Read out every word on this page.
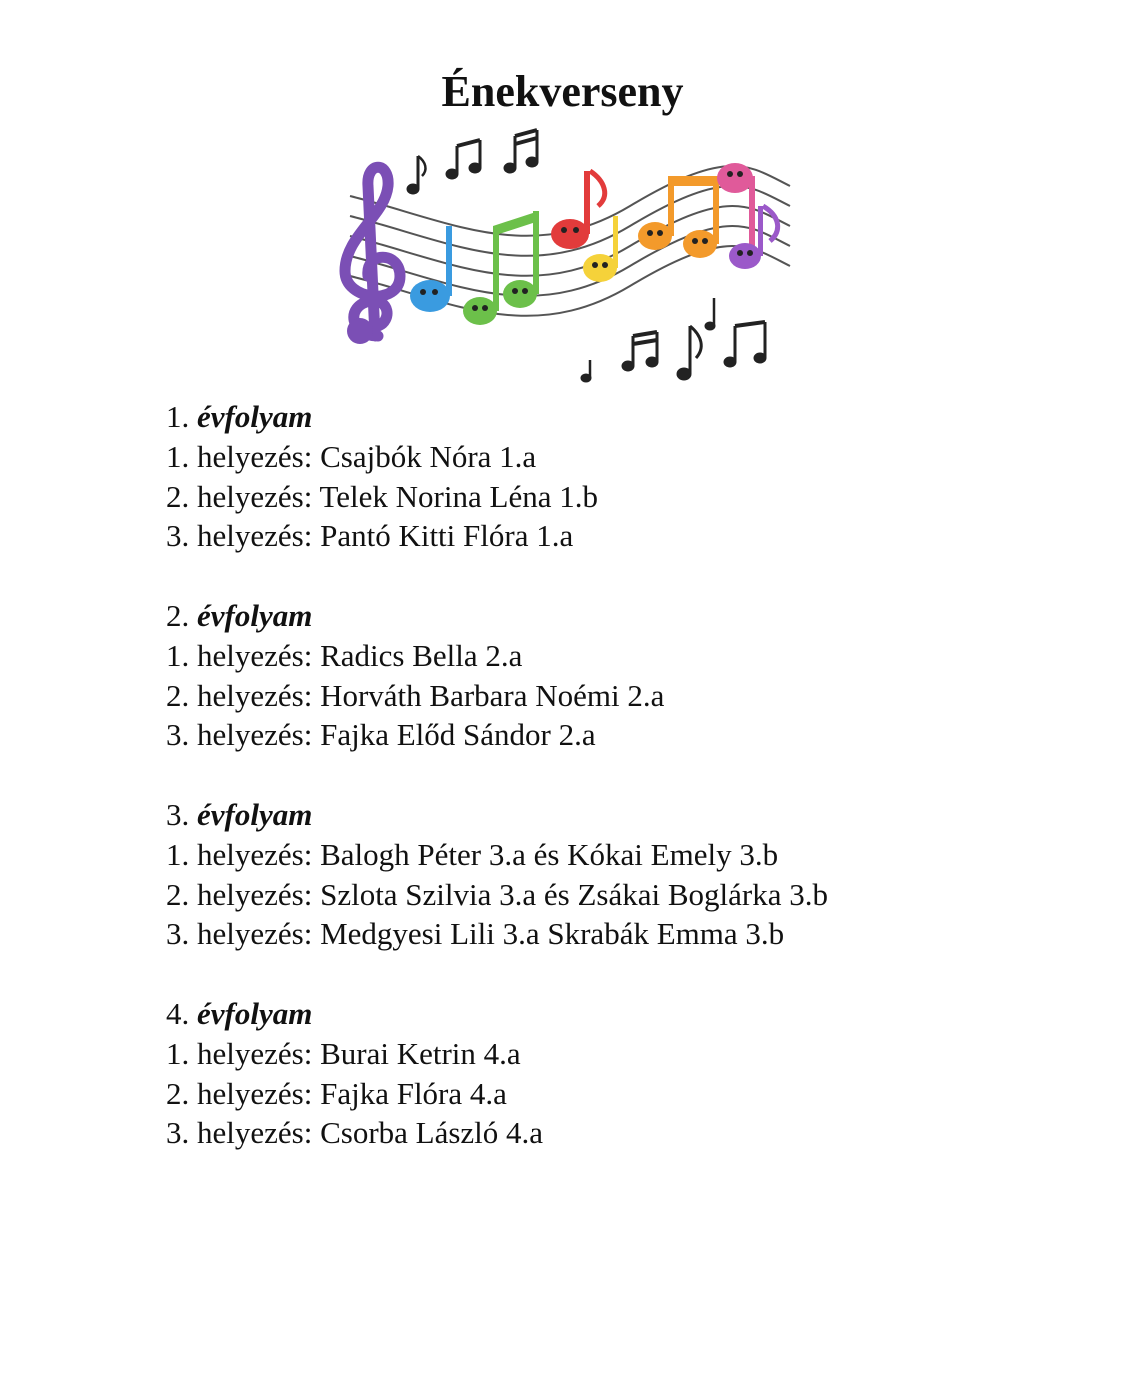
Énekverseny
1. évfolyam
1. helyezés: Csajbók Nóra 1.a
2. helyezés: Telek Norina Léna 1.b
3. helyezés: Pantó Kitti Flóra 1.a
2. évfolyam
1. helyezés: Radics Bella 2.a
2. helyezés: Horváth Barbara Noémi 2.a
3. helyezés: Fajka Előd Sándor 2.a
3. évfolyam
1. helyezés: Balogh Péter 3.a és Kókai Emely 3.b
2. helyezés: Szlota Szilvia 3.a és Zsákai Boglárka 3.b
3. helyezés: Medgyesi Lili 3.a Skrabák Emma 3.b
4. évfolyam
1. helyezés: Burai Ketrin 4.a
2. helyezés: Fajka Flóra 4.a
3. helyezés: Csorba László 4.a
